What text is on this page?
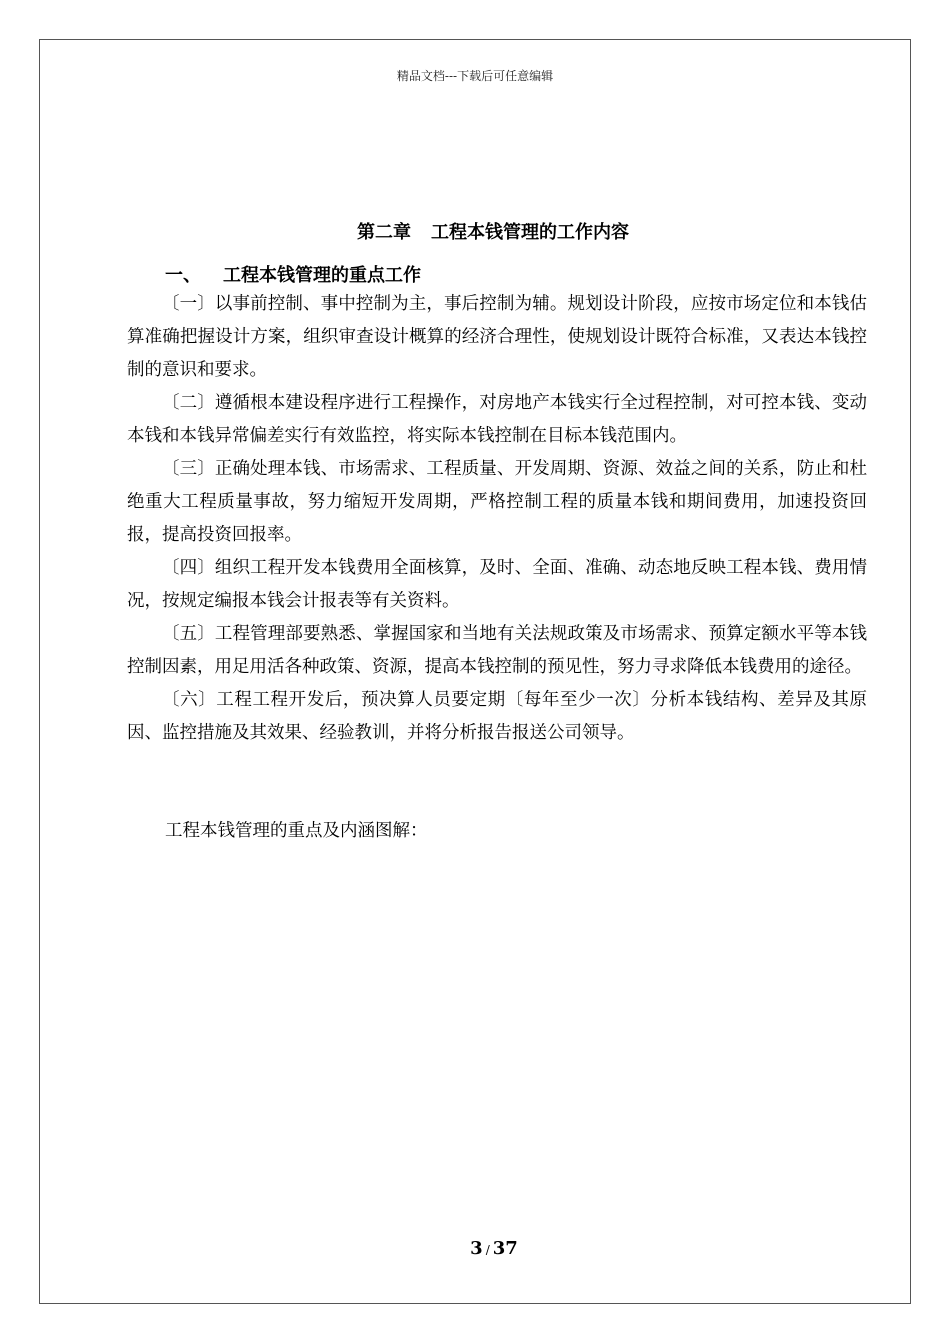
精品文档---下载后可任意编辑
第二章 工程本钱管理的工作内容
一、 工程本钱管理的重点工作

〔一〕以事前控制、事中控制为主，事后控制为辅。规划设计阶段，应按市场定位和本钱估算准确把握设计方案，组织审查设计概算的经济合理性，使规划设计既符合标准，又表达本钱控制的意识和要求。

〔二〕遵循根本建设程序进行工程操作，对房地产本钱实行全过程控制，对可控本钱、变动本钱和本钱异常偏差实行有效监控，将实际本钱控制在目标本钱范围内。

〔三〕正确处理本钱、市场需求、工程质量、开发周期、资源、效益之间的关系，防止和杜绝重大工程质量事故，努力缩短开发周期，严格控制工程的质量本钱和期间费用，加速投资回报，提高投资回报率。

〔四〕组织工程开发本钱费用全面核算，及时、全面、准确、动态地反映工程本钱、费用情况，按规定编报本钱会计报表等有关资料。

〔五〕工程管理部要熟悉、掌握国家和当地有关法规政策及市场需求、预算定额水平等本钱控制因素，用足用活各种政策、资源，提高本钱控制的预见性，努力寻求降低本钱费用的途径。

〔六〕工程工程开发后，预决算人员要定期〔每年至少一次〕分析本钱结构、差异及其原因、监控措施及其效果、经验教训，并将分析报告报送公司领导。

工程本钱管理的重点及内涵图解：
3 / 37
